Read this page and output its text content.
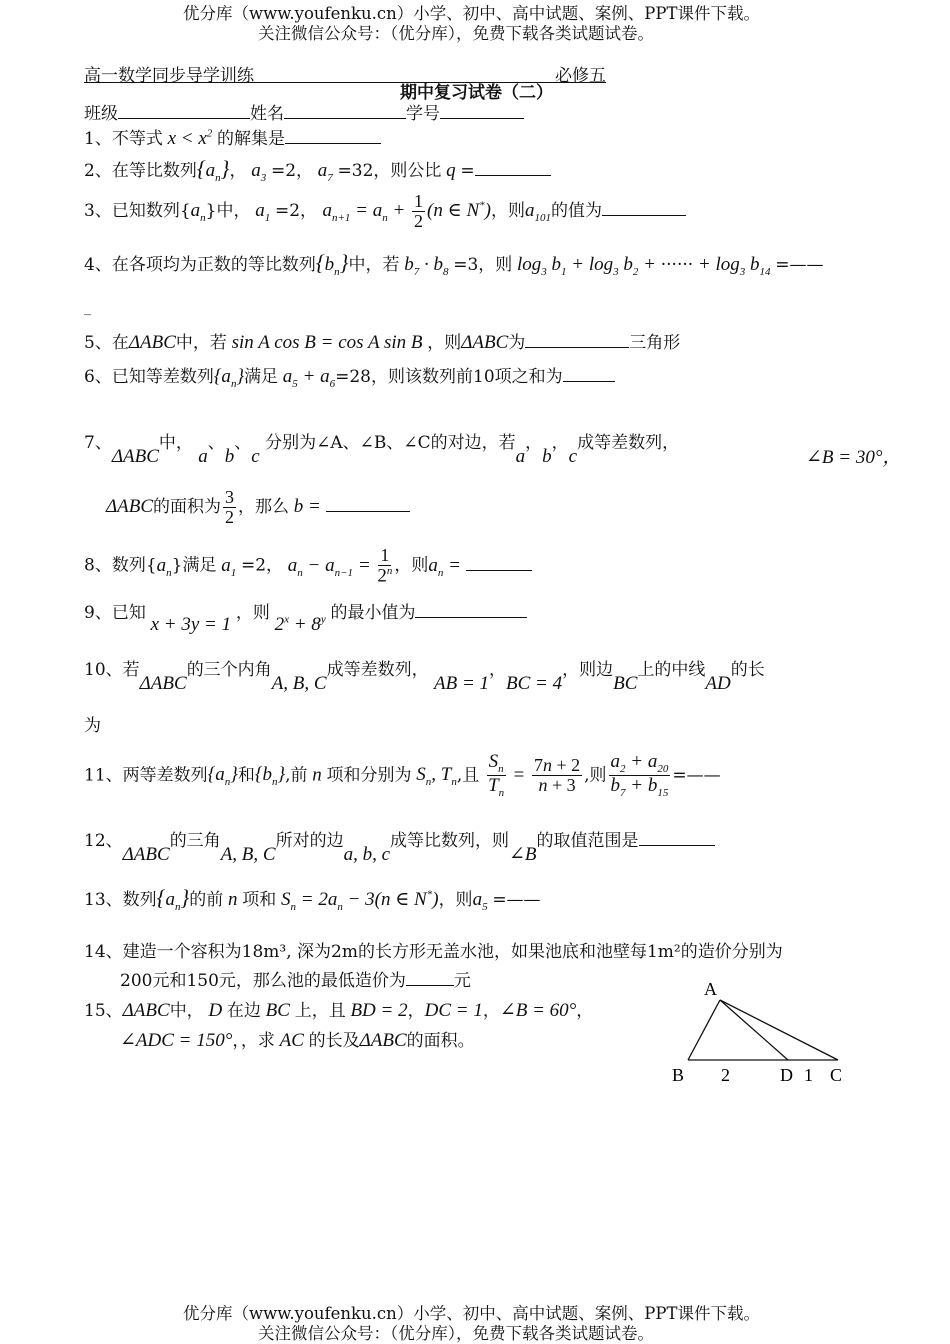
优分库（www.youfenku.cn）小学、初中、高中试题、案例、PPT课件下载。
关注微信公众号：（优分库），免费下载各类试题试卷。
高一数学同步导学训练	必修五
期中复习试卷（二）
班级	姓名	学号
1、不等式 $x < x^2$ 的解集是
2、在等比数列$\{a_n\}$， $a_3 =2$， $a_7 =32$，则公比 q =
3、已知数列$\{a_n\}$中， $a_1 =2$， $a_{n+1} = a_n + \frac{1}{2} (n$ ∈ N*)，则$a_{101}$的值为
4、在各项均为正数的等比数列$\{b_n\}$中，若 $b_7 \cdot b_8 =3$，则 $\log_3 b_1 + \log_3 b_2$ + ······ + $\log_3 b_{14}$ =——
_
5、在ΔABC中，若 sin A cos B = cos A sin B ，则ΔABC为	三角形
6、已知等差数列$\{a_n\}$满足 $a_5 + a_6=28$，则该数列前10项之和为
7、ΔABC中， a、b、c 分别为∠A、∠B、∠C的对边，若a，b，c成等差数列，
∠B = 30°，
ΔABC的面积为 $\frac{3}{2}$ ，那么 b =
8、数列$\{a_n\}$满足 $a_1 =2$， $a_n - a_{n-1} = \frac{1}{2^n}$ ，则$a_n$ =
9、已知 x + 3y = 1 ，则 $2^x + 8^y$ 的最小值为
10、若ΔABC的三个内角A, B, C成等差数列， AB = 1，BC = 4，则边BC上的中线AD的长
为
11、两等差数列$\{a_n\}$和$\{b_n\}$,前 n 项和分别为 $S_n$, $T_n$,且 $\frac{S_n}{T_n} = \frac{7n + 2}{n + 3}$ ,则 $\frac{a_2 + a_{20}}{b_7 + b_{15}}$ =——
12、ΔABC的三角A, B, C所对的边a, b, c成等比数列，则∠B的取值范围是
13、数列$\{a_n\}$的前 n 项和 $S_n = 2a_n - 3(n$ ∈ N*)，则$a_5$ =——
14、建造一个容积为18m³, 深为2m的长方形无盖水池，如果池底和池壁每1m²的造价分别为
200元和150元，那么池的最低造价为	元
15、ΔABC中， D 在边 BC 上，且 BD = 2，DC = 1，∠B = 60°，
∠ADC = 150°，，求 AC 的长及ΔABC的面积。
A
B 2	D 1 C
优分库（www.youfenku.cn）小学、初中、高中试题、案例、PPT课件下载。
关注微信公众号：（优分库），免费下载各类试题试卷。
